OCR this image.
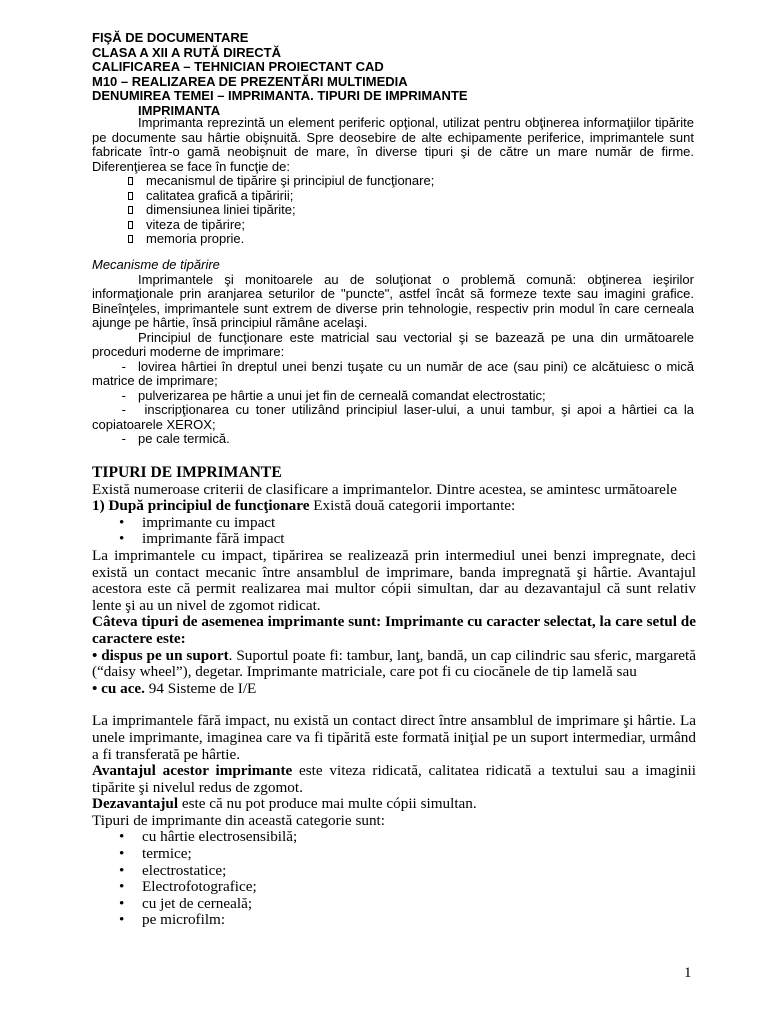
FIŞĂ DE DOCUMENTARE
CLASA A XII A RUTĂ DIRECTĂ
CALIFICAREA – TEHNICIAN PROIECTANT CAD
M10 – REALIZAREA DE PREZENTĂRI MULTIMEDIA
DENUMIREA TEMEI – IMPRIMANTA. TIPURI DE IMPRIMANTE
IMPRIMANTA

Imprimanta reprezintă un element periferic opţional, utilizat pentru obţinerea informaţiilor tipărite pe documente sau hârtie obişnuită. Spre deosebire de alte echipamente periferice, imprimantele sunt fabricate într-o gamă neobişnuit de mare, în diverse tipuri şi de către un mare număr de firme. Diferenţierea se face în funcţie de:

mecanismul de tipărire şi principiul de funcţionare;
calitatea grafică a tipăririi;
dimensiunea liniei tipărite;
viteza de tipărire;
memoria proprie.
Mecanisme de tipărire

Imprimantele şi monitoarele au de soluţionat o problemă comună: obţinerea ieşirilor informaţionale prin aranjarea seturilor de "puncte", astfel încât să formeze texte sau imagini grafice. Bineînţeles, imprimantele sunt extrem de diverse prin tehnologie, respectiv prin modul în care cerneala ajunge pe hârtie, însă principiul rămâne acelaşi.

Principiul de funcţionare este matricial sau vectorial şi se bazează pe una din următoarele proceduri moderne de imprimare:

- lovirea hârtiei în dreptul unei benzi tuşate cu un număr de ace (sau pini) ce alcătuiesc o mică matrice de imprimare;
- pulverizarea pe hârtie a unui jet fin de cerneală comandat electrostatic;
- inscripţionarea cu toner utilizând principiul laser-ului, a unui tambur, şi apoi a hârtiei ca la copiatoarele XEROX;
- pe cale termică.
TIPURI DE IMPRIMANTE

Există numeroase criterii de clasificare a imprimantelor. Dintre acestea, se amintesc următoarele
1) După principiul de funcţionare Există două categorii importante:

• imprimante cu impact
• imprimante fără impact

La imprimantele cu impact, tipărirea se realizează prin intermediul unei benzi impregnate, deci există un contact mecanic între ansamblul de imprimare, banda impregnată şi hârtie. Avantajul acestora este că permit realizarea mai multor cópii simultan, dar au dezavantajul că sunt relativ lente şi au un nivel de zgomot ridicat.

Câteva tipuri de asemenea imprimante sunt: Imprimante cu caracter selectat, la care setul de caractere este:

• dispus pe un suport. Suportul poate fi: tambur, lanţ, bandă, un cap cilindric sau sferic, margaretă (“daisy wheel”), degetar. Imprimante matriciale, care pot fi cu ciocănele de tip lamelă sau

• cu ace. 94 Sisteme de I/E

La imprimantele fără impact, nu există un contact direct între ansamblul de imprimare şi hârtie. La unele imprimante, imaginea care va fi tipărită este formată iniţial pe un suport intermediar, urmând a fi transferată pe hârtie.

Avantajul acestor imprimante este viteza ridicată, calitatea ridicată a textului sau a imaginii tipărite şi nivelul redus de zgomot.

Dezavantajul este că nu pot produce mai multe cópii simultan.

Tipuri de imprimante din această categorie sunt:

• cu hârtie electrosensibilă;
• termice;
• electrostatice;
• Electrofotografice;
• cu jet de cerneală;
• pe microfilm:
1
